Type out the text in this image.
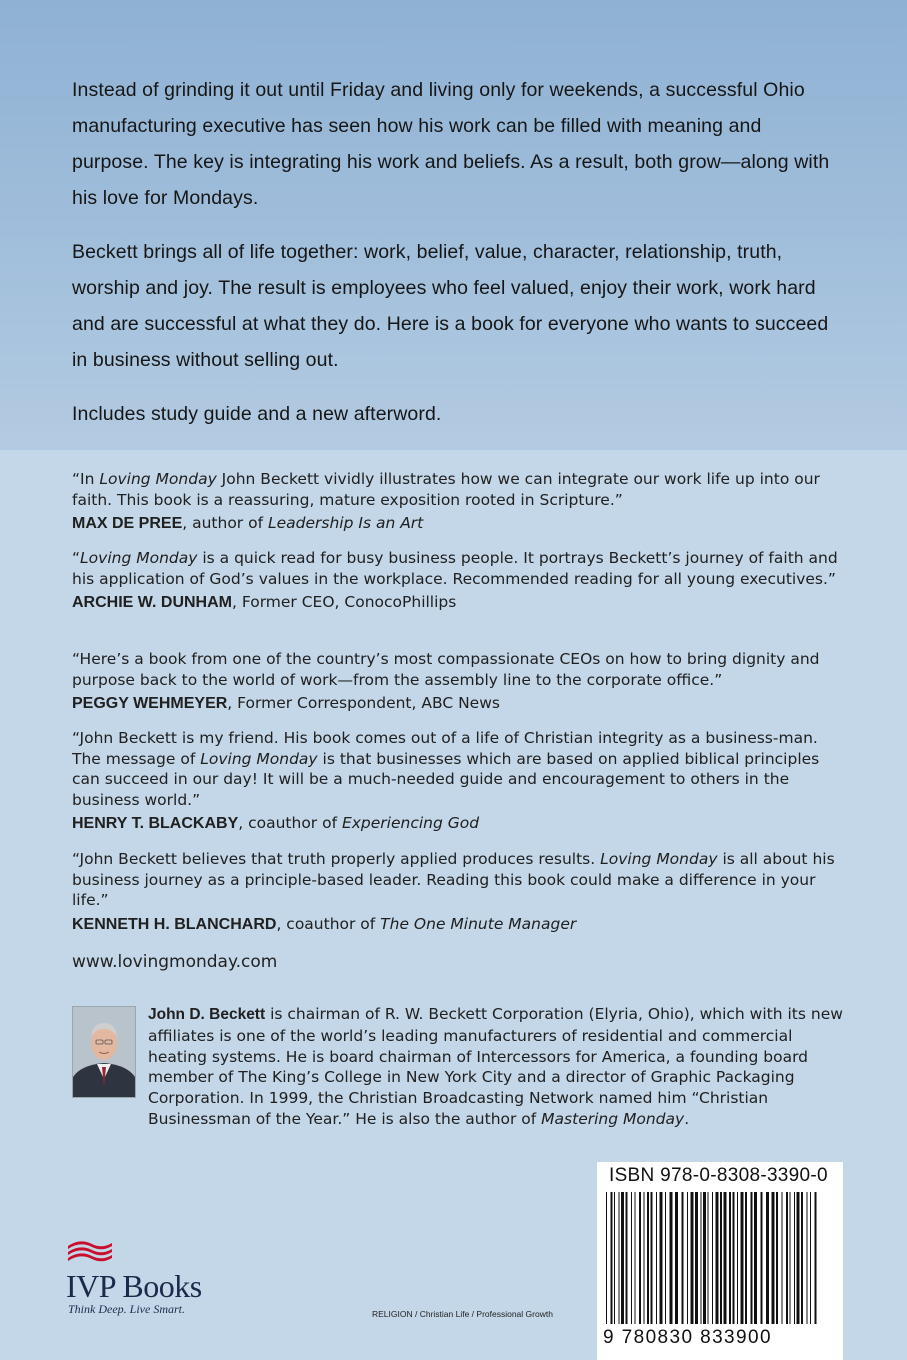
Instead of grinding it out until Friday and living only for weekends, a successful Ohio manufacturing executive has seen how his work can be filled with meaning and purpose. The key is integrating his work and beliefs. As a result, both grow—along with his love for Mondays.

Beckett brings all of life together: work, belief, value, character, relationship, truth, worship and joy. The result is employees who feel valued, enjoy their work, work hard and are successful at what they do. Here is a book for everyone who wants to succeed in business without selling out.

Includes study guide and a new afterword.

“In Loving Monday John Beckett vividly illustrates how we can integrate our work life up into our faith. This book is a reassuring, mature exposition rooted in Scripture.”

MAX DE PREE, author of Leadership Is an Art

“Loving Monday is a quick read for busy business people. It portrays Beckett’s journey of faith and his application of God’s values in the workplace. Recommended reading for all young executives.”

ARCHIE W. DUNHAM, Former CEO, ConocoPhillips

“Here’s a book from one of the country’s most compassionate CEOs on how to bring dignity and purpose back to the world of work—from the assembly line to the corporate office.”

PEGGY WEHMEYER, Former Correspondent, ABC News

“John Beckett is my friend. His book comes out of a life of Christian integrity as a business-man. The message of Loving Monday is that businesses which are based on applied biblical principles can succeed in our day! It will be a much-needed guide and encouragement to others in the business world.”

HENRY T. BLACKABY, coauthor of Experiencing God

“John Beckett believes that truth properly applied produces results. Loving Monday is all about his business journey as a principle-based leader. Reading this book could make a difference in your life.”

KENNETH H. BLANCHARD, coauthor of The One Minute Manager

www.lovingmonday.com
John D. Beckett is chairman of R. W. Beckett Corporation (Elyria, Ohio), which with its new affiliates is one of the world’s leading manufacturers of residential and commercial heating systems. He is board chairman of Intercessors for America, a founding board member of The King’s College in New York City and a director of Graphic Packaging Corporation. In 1999, the Christian Broadcasting Network named him “Christian Businessman of the Year.” He is also the author of Mastering Monday.
ISBN 978-0-8308-3390-0
9 780830 833900
RELIGION / Christian Life / Professional Growth
IVP Books
Think Deep. Live Smart.
